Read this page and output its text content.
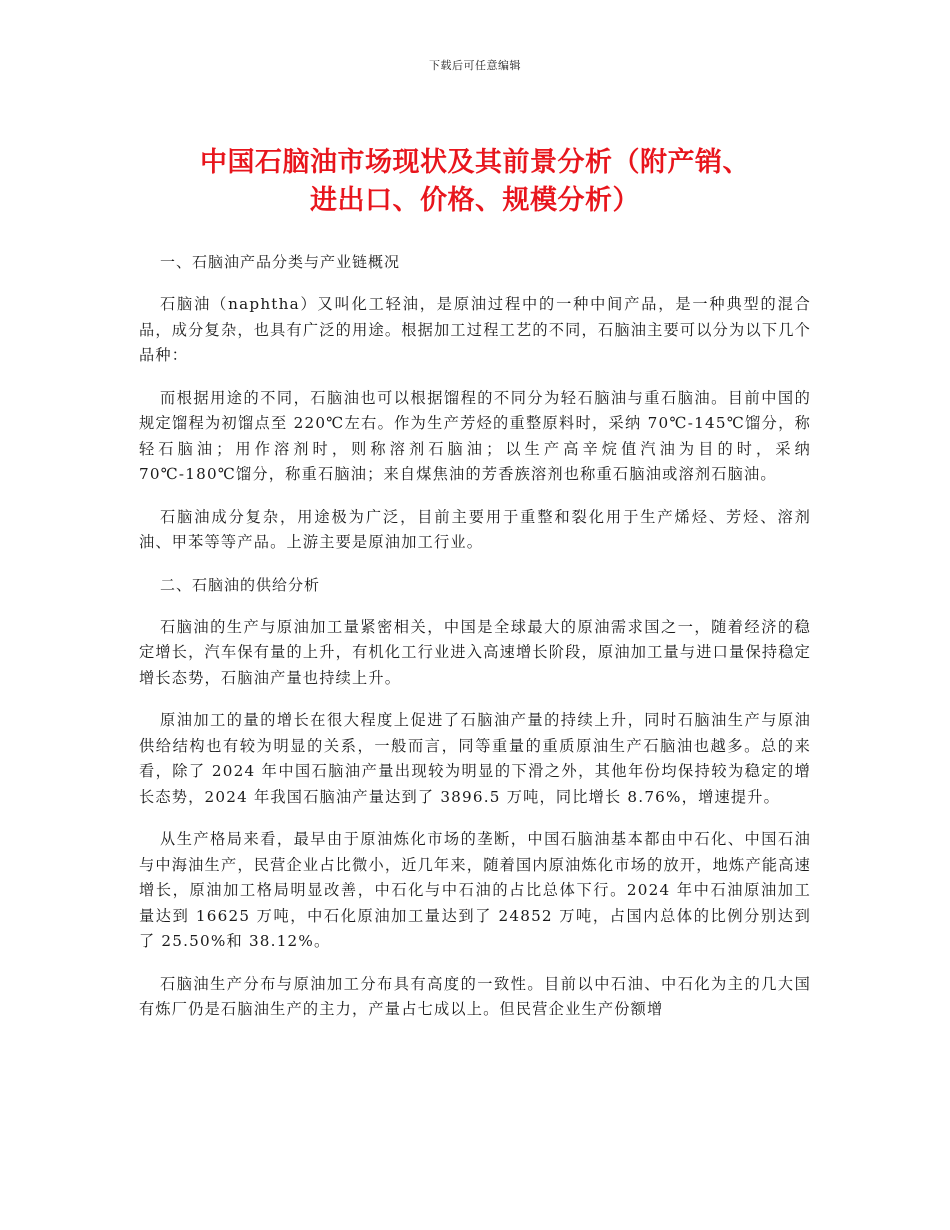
下载后可任意编辑
中国石脑油市场现状及其前景分析（附产销、
进出口、价格、规模分析）

一、石脑油产品分类与产业链概况

石脑油（naphtha）又叫化工轻油，是原油过程中的一种中间产品，是一种典型的混合品，成分复杂，也具有广泛的用途。根据加工过程工艺的不同，石脑油主要可以分为以下几个品种：

而根据用途的不同，石脑油也可以根据馏程的不同分为轻石脑油与重石脑油。目前中国的规定馏程为初馏点至 220℃左右。作为生产芳烃的重整原料时，采纳 70℃-145℃馏分，称轻石脑油；用作溶剂时，则称溶剂石脑油；以生产高辛烷值汽油为目的时，采纳 70℃-180℃馏分，称重石脑油；来自煤焦油的芳香族溶剂也称重石脑油或溶剂石脑油。

石脑油成分复杂，用途极为广泛，目前主要用于重整和裂化用于生产烯烃、芳烃、溶剂油、甲苯等等产品。上游主要是原油加工行业。

二、石脑油的供给分析

石脑油的生产与原油加工量紧密相关，中国是全球最大的原油需求国之一，随着经济的稳定增长，汽车保有量的上升，有机化工行业进入高速增长阶段，原油加工量与进口量保持稳定增长态势，石脑油产量也持续上升。

原油加工的量的增长在很大程度上促进了石脑油产量的持续上升，同时石脑油生产与原油供给结构也有较为明显的关系，一般而言，同等重量的重质原油生产石脑油也越多。总的来看，除了 2024 年中国石脑油产量出现较为明显的下滑之外，其他年份均保持较为稳定的增长态势，2024 年我国石脑油产量达到了 3896.5 万吨，同比增长 8.76%，增速提升。

从生产格局来看，最早由于原油炼化市场的垄断，中国石脑油基本都由中石化、中国石油与中海油生产，民营企业占比微小，近几年来，随着国内原油炼化市场的放开，地炼产能高速增长，原油加工格局明显改善，中石化与中石油的占比总体下行。2024 年中石油原油加工量达到 16625 万吨，中石化原油加工量达到了 24852 万吨，占国内总体的比例分别达到了 25.50%和 38.12%。

石脑油生产分布与原油加工分布具有高度的一致性。目前以中石油、中石化为主的几大国有炼厂仍是石脑油生产的主力，产量占七成以上。但民营企业生产份额增
